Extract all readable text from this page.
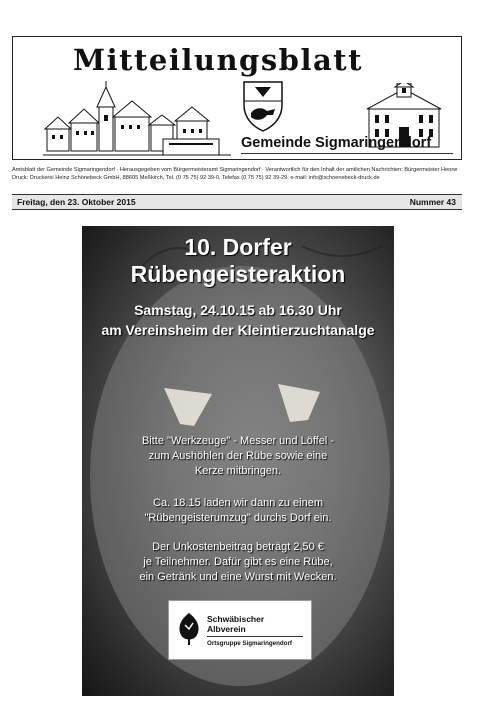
Mitteilungsblatt
Gemeinde Sigmaringendorf
Amtsblatt der Gemeinde Sigmaringendorf · Herausgegeben vom Bürgermeisteramt Sigmaringendorf · Verantwortlich für den Inhalt der amtlichen Nachrichten: Bürgermeister Henne
Druck: Druckerei Heinz Schönebeck GmbH, 88605 Meßkirch, Tel. (0 75 75) 92 39-0, Telefax (0 75 75) 92 39-29, e-mail: info@schoenebeck-druck.de
Freitag, den 23. Oktober 2015	Nummer 43
10. Dorfer
Rübengeisteraktion
Samstag, 24.10.15 ab 16.30 Uhr
am Vereinsheim der Kleintierzuchtanalge
Bitte "Werkzeuge" - Messer und Löffel -
zum Aushöhlen der Rübe sowie eine
Kerze mitbringen.
Ca. 18.15 laden wir dann zu einem
"Rübengeisterumzug" durchs Dorf ein.
Der Unkostenbeitrag beträgt 2,50 €
je Teilnehmer. Dafür gibt es eine Rübe,
ein Getränk und eine Wurst mit Wecken.
Schwäbischer
Albverein
Ortsgruppe Sigmaringendorf
